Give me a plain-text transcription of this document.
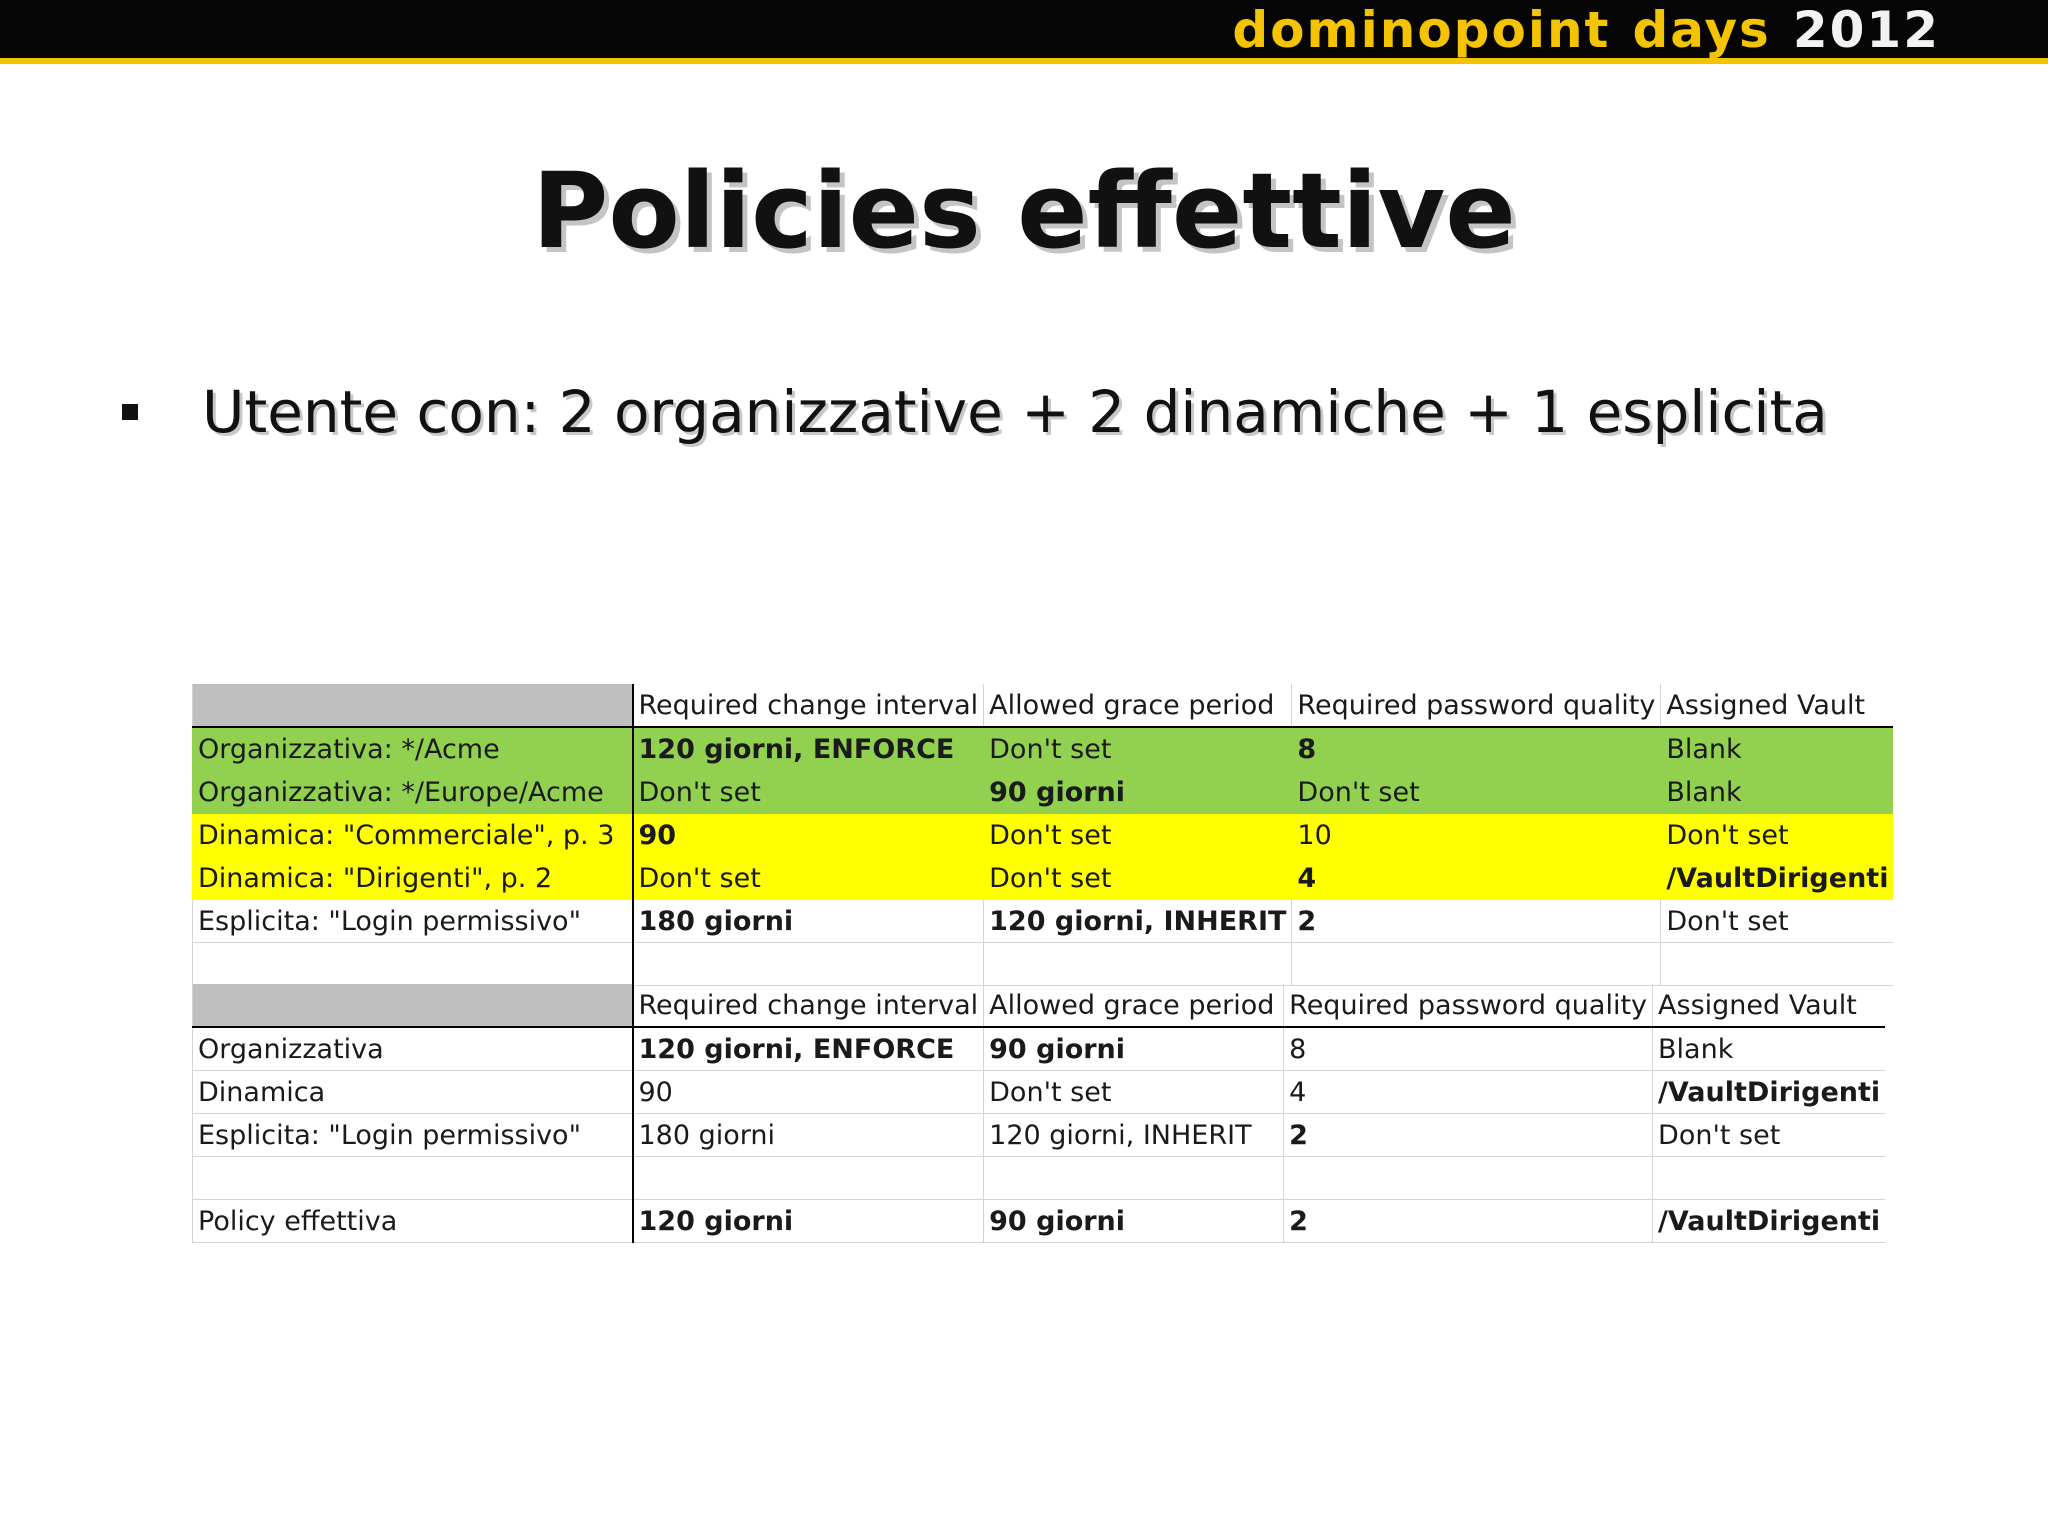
dominopoint days 2012
Policies effettive
Utente con: 2 organizzative + 2 dinamiche + 1 esplicita
	Required change interval	Allowed grace period	Required password quality	Assigned Vault
Organizzativa: */Acme	120 giorni, ENFORCE	Don't set	8	Blank
Organizzativa: */Europe/Acme	Don't set	90 giorni	Don't set	Blank
Dinamica: "Commerciale", p. 3	90	Don't set	10	Don't set
Dinamica: "Dirigenti", p. 2	Don't set	Don't set	4	/VaultDirigenti
Esplicita: "Login permissivo"	180 giorni	120 giorni, INHERIT	2	Don't set

	Required change interval	Allowed grace period	Required password quality	Assigned Vault
Organizzativa	120 giorni, ENFORCE	90 giorni	8	Blank
Dinamica	90	Don't set	4	/VaultDirigenti
Esplicita: "Login permissivo"	180 giorni	120 giorni, INHERIT	2	Don't set

Policy effettiva	120 giorni	90 giorni	2	/VaultDirigenti
